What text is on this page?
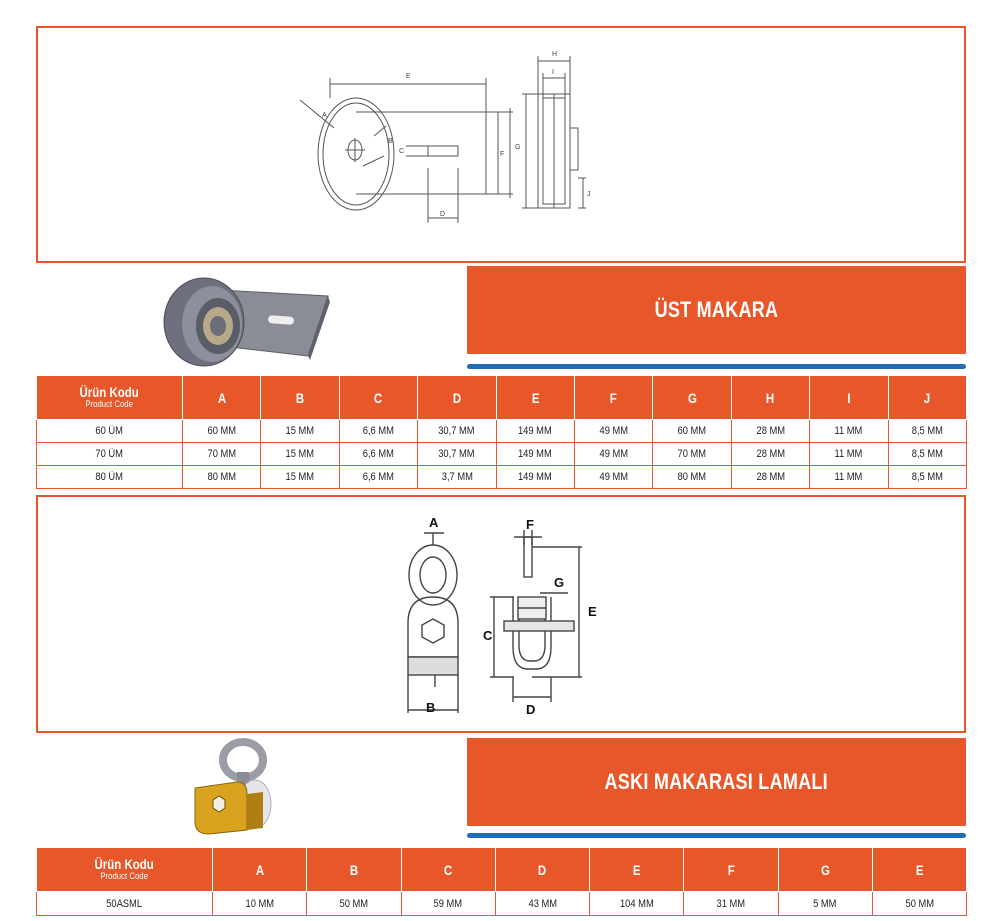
A
B
C
D
E
F
G
H
I
J
ÜST MAKARA
Ürün Kodu
Product Code	A	B	C	D	E	F	G	H	I	J
60 ÜM	60 MM	15 MM	6,6 MM	30,7 MM	149 MM	49 MM	60 MM	28 MM	11 MM	8,5 MM
70 ÜM	70 MM	15 MM	6,6 MM	30,7 MM	149 MM	49 MM	70 MM	28 MM	11 MM	8,5 MM
80 ÜM	80 MM	15 MM	6,6 MM	3,7 MM	149 MM	49 MM	80 MM	28 MM	11 MM	8,5 MM
A
B
C
D
E
F
G
ASKI MAKARASI LAMALI
Ürün Kodu
Product Code	A	B	C	D	E	F	G	E
50ASML	10 MM	50 MM	59 MM	43 MM	104 MM	31 MM	5 MM	50 MM
